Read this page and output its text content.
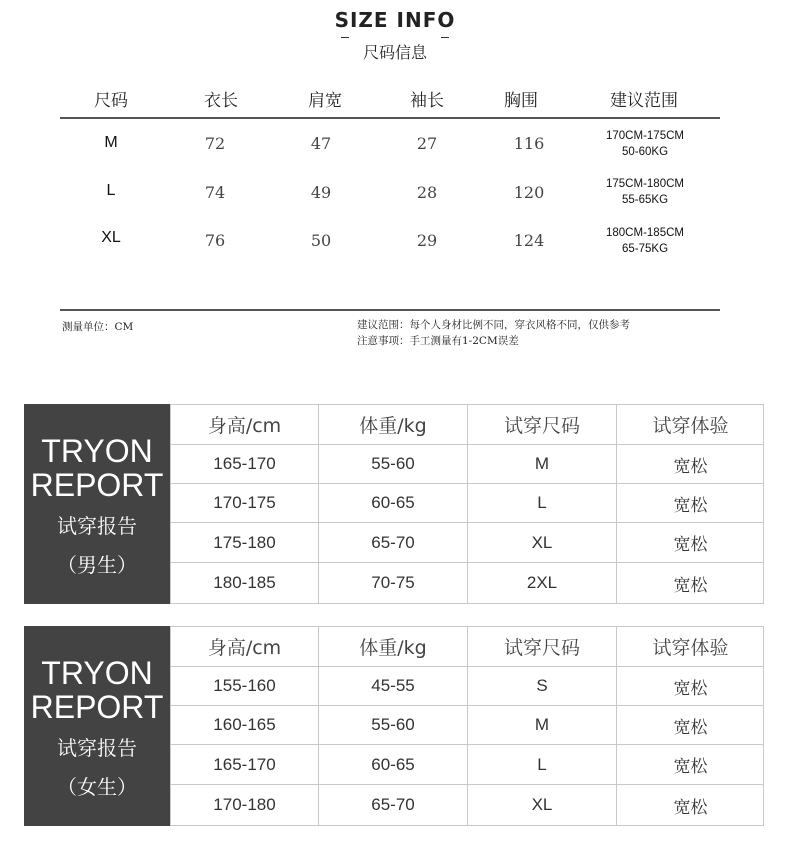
SIZE INFO
尺码信息
尺码	衣长	肩宽	袖长	胸围	建议范围
M	72	47	27	116	170CM-175CM
50-60KG
L	74	49	28	120	175CM-180CM
55-65KG
XL	76	50	29	124	180CM-185CM
65-75KG
测量单位：CM	建议范围：每个人身材比例不同，穿衣风格不同，仅供参考
注意事项：手工测量有1-2CM误差
TRYON
REPORT
试穿报告
（男生）
身高/cm	体重/kg	试穿尺码	试穿体验
165-170	55-60	M	宽松
170-175	60-65	L	宽松
175-180	65-70	XL	宽松
180-185	70-75	2XL	宽松
TRYON
REPORT
试穿报告
（女生）
身高/cm	体重/kg	试穿尺码	试穿体验
155-160	45-55	S	宽松
160-165	55-60	M	宽松
165-170	60-65	L	宽松
170-180	65-70	XL	宽松
